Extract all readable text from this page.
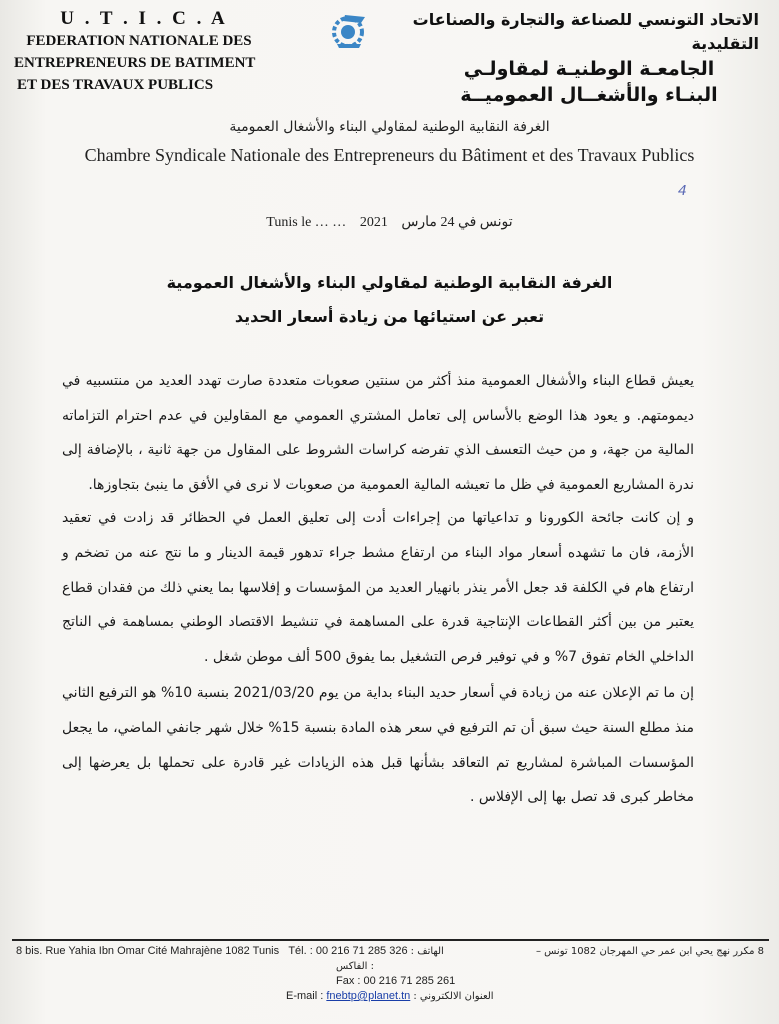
U . T . I . C . A
FEDERATION NATIONALE DES
ENTREPRENEURS DE BATIMENT
ET DES TRAVAUX PUBLICS
الاتحاد التونسي للصناعة والتجارة والصناعات التقليدية
الجامعـة الوطنيـة لمقاولـي
البنـاء والأشغــال العموميــة
الغرفة النقابية الوطنية لمقاولي البناء والأشغال العمومية
Chambre Syndicale Nationale des Entrepreneurs du Bâtiment et des Travaux Publics
4
Tunis le … … 2021 تونس في 24 مارس
الغرفة النقابية الوطنية لمقاولي البناء والأشغال العمومية
تعبر عن استيائها من زيادة أسعار الحديد

يعيش قطاع البناء والأشغال العمومية منذ أكثر من سنتين صعوبات متعددة صارت تهدد العديد من منتسبيه في ديمومتهم. و يعود هذا الوضع بالأساس إلى تعامل المشتري العمومي مع المقاولين في عدم احترام التزاماته المالية من جهة، و من حيث التعسف الذي تفرضه كراسات الشروط على المقاول من جهة ثانية ، بالإضافة إلى ندرة المشاريع العمومية في ظل ما تعيشه المالية العمومية من صعوبات لا نرى في الأفق ما ينبئ بتجاوزها.

و إن كانت جائحة الكورونا و تداعياتها من إجراءات أدت إلى تعليق العمل في الحظائر قد زادت في تعقيد الأزمة، فان ما تشهده أسعار مواد البناء من ارتفاع مشط جراء تدهور قيمة الدينار و ما نتج عنه من تضخم و ارتفاع هام في الكلفة قد جعل الأمر ينذر بانهيار العديد من المؤسسات و إفلاسها بما يعني ذلك من فقدان قطاع يعتبر من بين أكثر القطاعات الإنتاجية قدرة على المساهمة في تنشيط الاقتصاد الوطني بمساهمة في الناتج الداخلي الخام تفوق 7% و في توفير فرص التشغيل بما يفوق 500 ألف موطن شغل .

إن ما تم الإعلان عنه من زيادة في أسعار حديد البناء بداية من يوم 2021/03/20 بنسبة 10% هو الترفيع الثاني منذ مطلع السنة حيث سبق أن تم الترفيع في سعر هذه المادة بنسبة 15% خلال شهر جانفي الماضي، ما يجعل المؤسسات المباشرة لمشاريع تم التعاقد بشأنها قبل هذه الزيادات غير قادرة على تحملها بل يعرضها إلى مخاطر كبرى قد تصل بها إلى الإفلاس .

8 bis. Rue Yahia Ibn Omar Cité Mahrajène 1082 Tunis Tél. : 00 216 71 285 326 : الهاتف	8 مكرر نهج يحي ابن عمر حي المهرجان 1082 تونس –
: الفاكس
Fax : 00 216 71 285 261
E-mail : fnebtp@planet.tn : العنوان الالكتروني
